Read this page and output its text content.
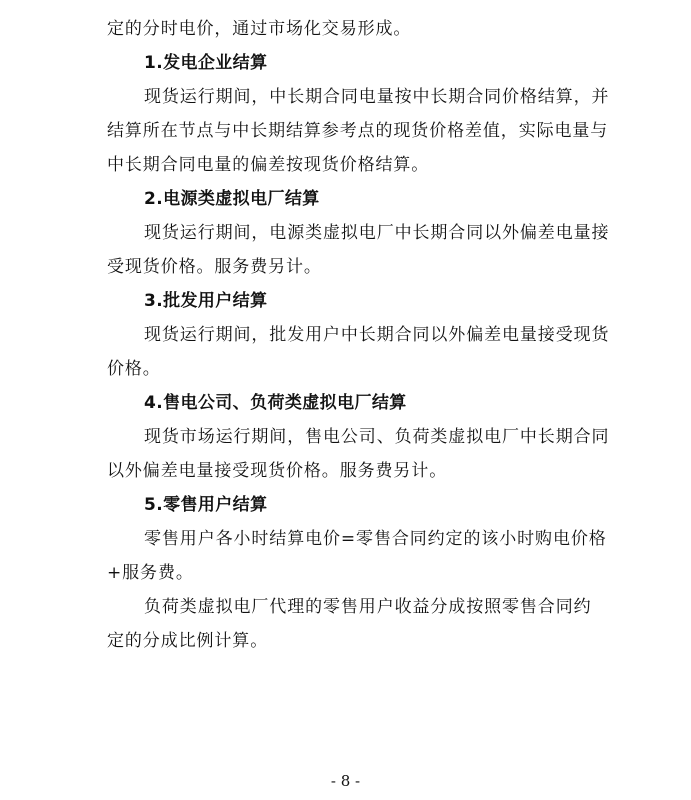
定的分时电价，通过市场化交易形成。
1.发电企业结算
现货运行期间，中长期合同电量按中长期合同价格结算，并
结算所在节点与中长期结算参考点的现货价格差值，实际电量与
中长期合同电量的偏差按现货价格结算。
2.电源类虚拟电厂结算
现货运行期间，电源类虚拟电厂中长期合同以外偏差电量接
受现货价格。服务费另计。
3.批发用户结算
现货运行期间，批发用户中长期合同以外偏差电量接受现货
价格。
4.售电公司、负荷类虚拟电厂结算
现货市场运行期间，售电公司、负荷类虚拟电厂中长期合同
以外偏差电量接受现货价格。服务费另计。
5.零售用户结算
零售用户各小时结算电价=零售合同约定的该小时购电价格
+服务费。
负荷类虚拟电厂代理的零售用户收益分成按照零售合同约
定的分成比例计算。
- 8 -
